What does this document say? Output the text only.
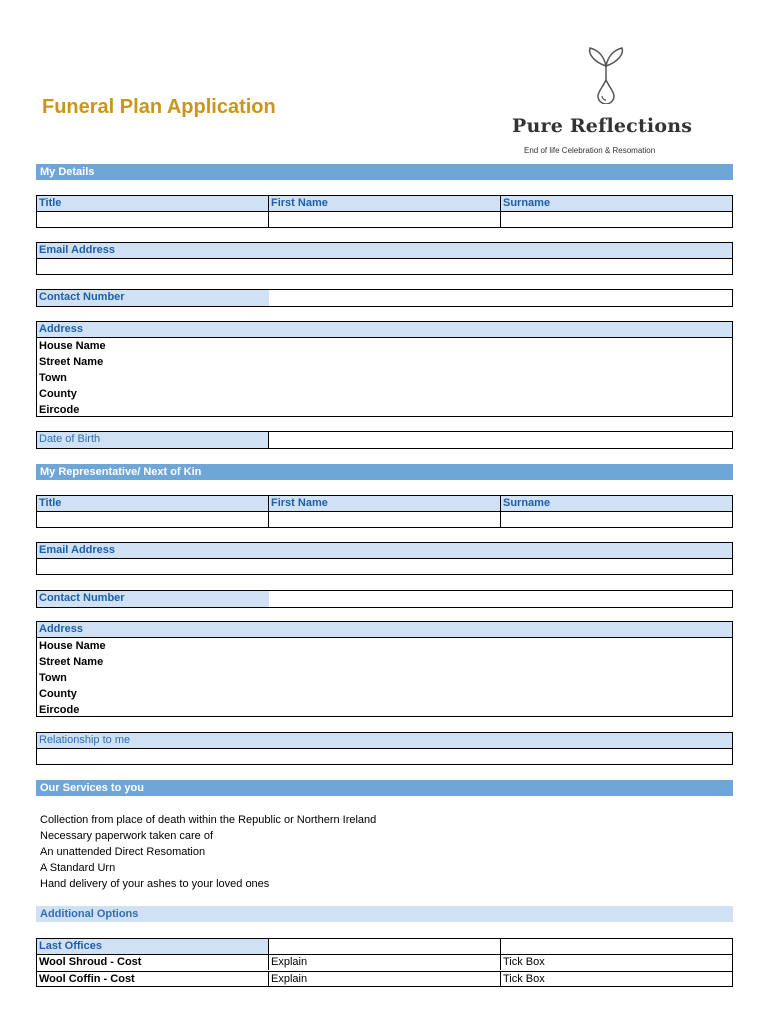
Funeral Plan Application
Pure Reflections
End of life Celebration & Resomation
My Details
Title	First Name	Surname
Email Address
Contact Number
Address
House Name
Street Name
Town
County
Eircode
Date of Birth
My Representative/ Next of Kin
Title	First Name	Surname
Email Address
Contact Number
Address
House Name
Street Name
Town
County
Eircode
Relationship to me
Our Services to you
Collection from place of death within the Republic or Northern Ireland
Necessary paperwork taken care of
An unattended Direct Resomation
A Standard Urn
Hand delivery of your ashes to your loved ones
Additional Options
Last Offices
Wool Shroud - Cost	Explain	Tick Box
Wool Coffin - Cost	Explain	Tick Box
